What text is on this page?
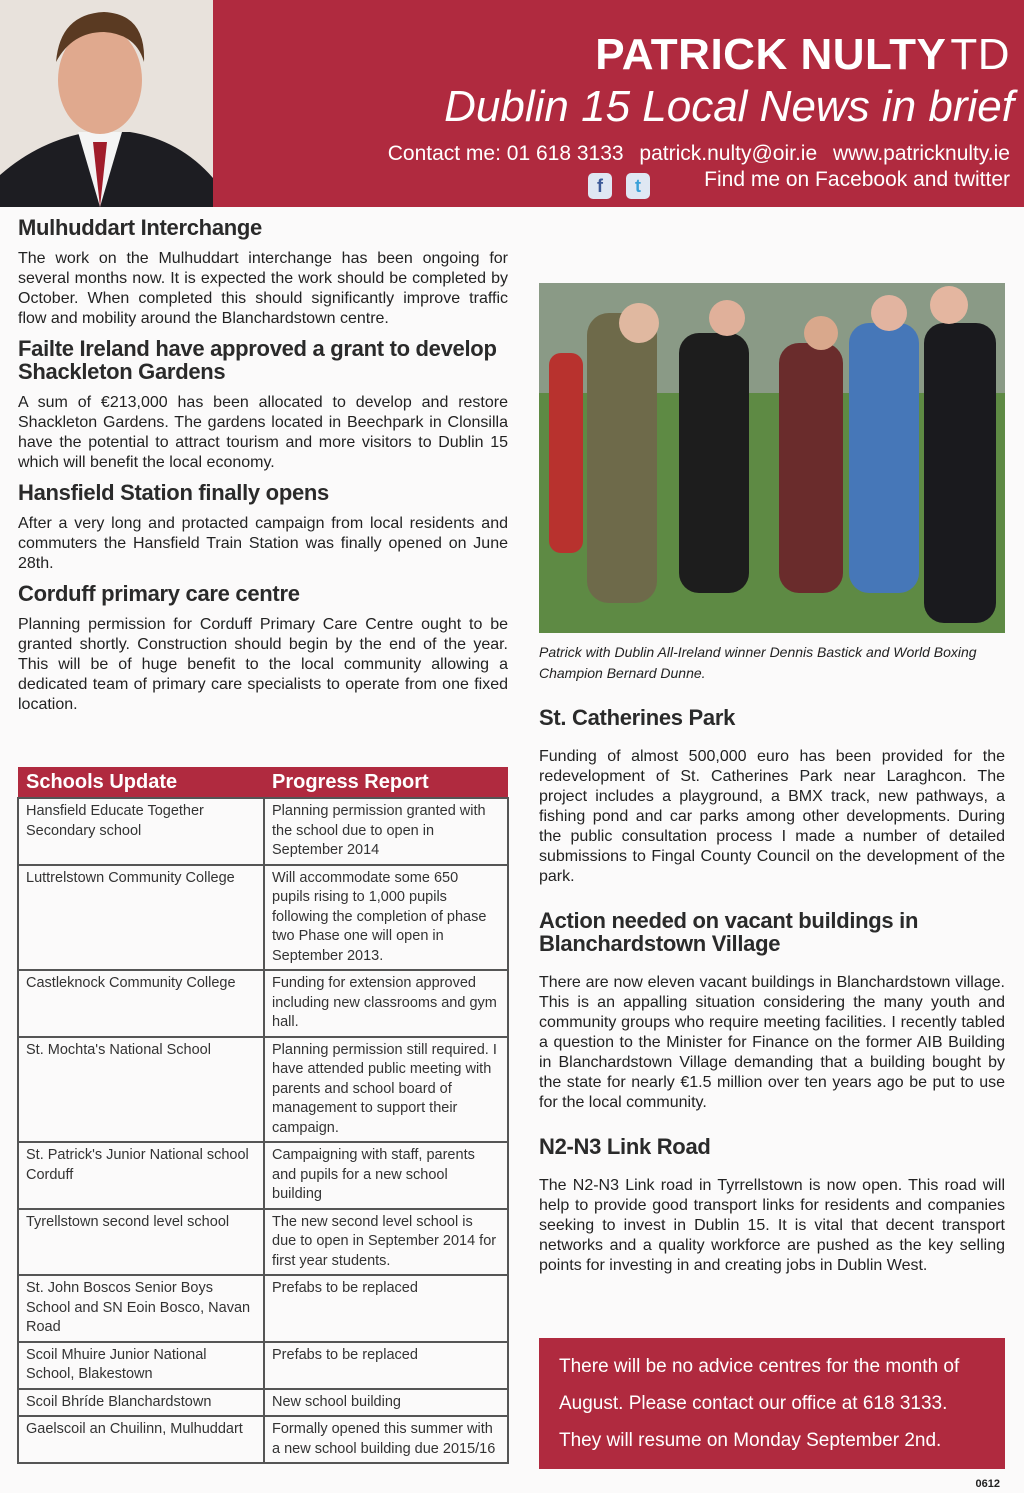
PATRICK NULTYTD
Dublin 15 Local News in brief
Contact me: 01 618 3133 patrick.nulty@oir.ie www.patricknulty.ie
f	t	Find me on Facebook and twitter
Mulhuddart Interchange

The work on the Mulhuddart interchange has been ongoing for several months now. It is expected the work should be completed by October. When completed this should significantly improve traffic flow and mobility around the Blanchardstown centre.

Failte Ireland have approved a grant to develop Shackleton Gardens

A sum of €213,000 has been allocated to develop and restore Shackleton Gardens. The gardens located in Beechpark in Clonsilla have the potential to attract tourism and more visitors to Dublin 15 which will benefit the local economy.

Hansfield Station finally opens

After a very long and protacted campaign from local residents and commuters the Hansfield Train Station was finally opened on June 28th.

Corduff primary care centre

Planning permission for Corduff Primary Care Centre ought to be granted shortly. Construction should begin by the end of the year. This will be of huge benefit to the local community allowing a dedicated team of primary care specialists to operate from one fixed location.

Schools Update	Progress Report
Hansfield Educate Together Secondary school	Planning permission granted with the school due to open in September 2014
Luttrelstown Community College	Will accommodate some 650 pupils rising to 1,000 pupils following the completion of phase two Phase one will open in September 2013.
Castleknock Community College	Funding for extension approved including new classrooms and gym hall.
St. Mochta's National School	Planning permission still required. I have attended public meeting with parents and school board of management to support their campaign.
St. Patrick's Junior National school Corduff	Campaigning with staff, parents and pupils for a new school building
Tyrellstown second level school	The new second level school is due to open in September 2014 for first year students.
St. John Boscos Senior Boys School and SN Eoin Bosco, Navan Road	Prefabs to be replaced
Scoil Mhuire Junior National School, Blakestown	Prefabs to be replaced
Scoil Bhríde Blanchardstown	New school building
Gaelscoil an Chuilinn, Mulhuddart	Formally opened this summer with a new school building due 2015/16
Patrick with Dublin All-Ireland winner Dennis Bastick and World Boxing Champion Bernard Dunne.
St. Catherines Park

Funding of almost 500,000 euro has been provided for the redevelopment of St. Catherines Park near Laraghcon. The project includes a playground, a BMX track, new pathways, a fishing pond and car parks among other developments. During the public consultation process I made a number of detailed submissions to Fingal County Council on the development of the park.

Action needed on vacant buildings in Blanchardstown Village

There are now eleven vacant buildings in Blanchardstown village. This is an appalling situation considering the many youth and community groups who require meeting facilities. I recently tabled a question to the Minister for Finance on the former AIB Building in Blanchardstown Village demanding that a building bought by the state for nearly €1.5 million over ten years ago be put to use for the local community.

N2-N3 Link Road

The N2-N3 Link road in Tyrrellstown is now open. This road will help to provide good transport links for residents and companies seeking to invest in Dublin 15. It is vital that decent transport networks and a quality workforce are pushed as the key selling points for investing in and creating jobs in Dublin West.

There will be no advice centres for the month of August. Please contact our office at 618 3133. They will resume on Monday September 2nd.
0612
